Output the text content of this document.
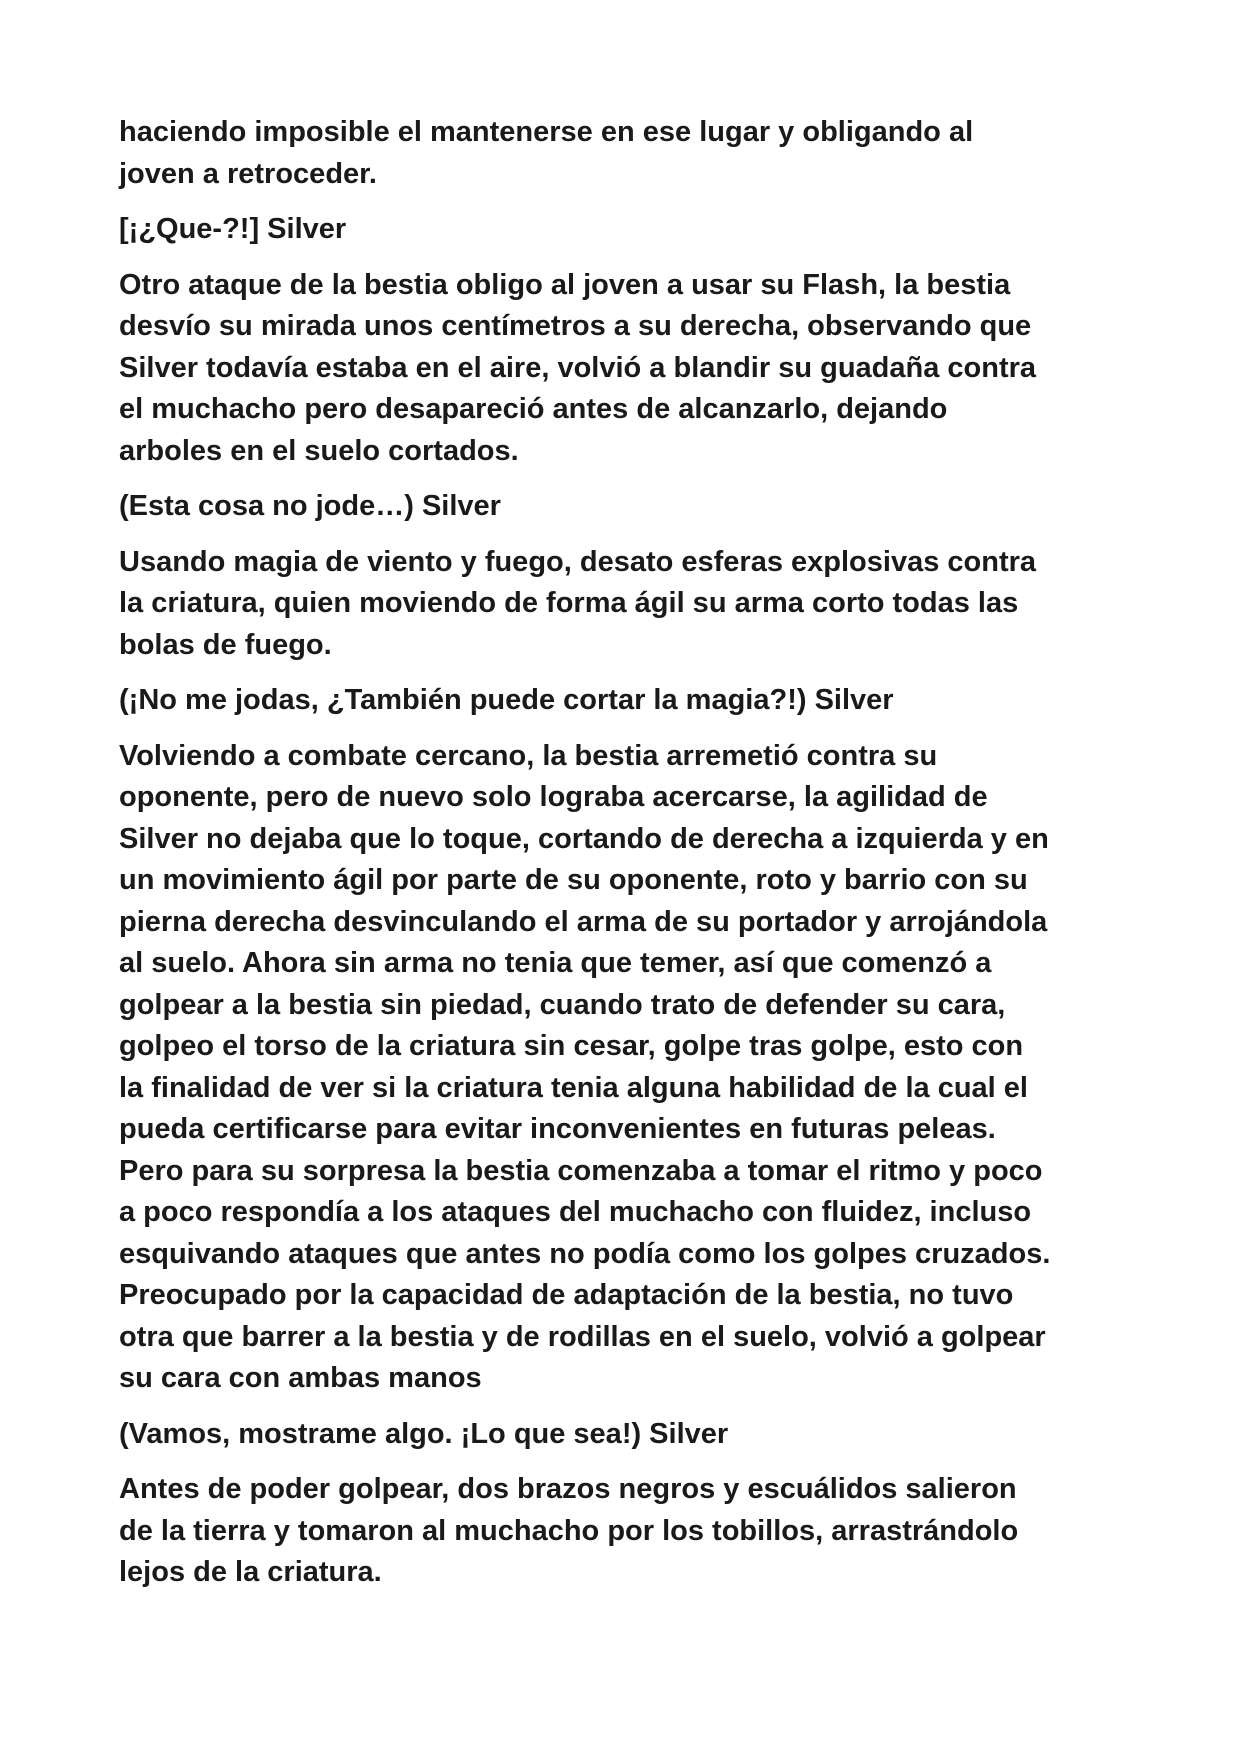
haciendo imposible el mantenerse en ese lugar y obligando al
joven a retroceder.

[¡¿Que-?!] Silver

Otro ataque de la bestia obligo al joven a usar su Flash, la bestia
desvío su mirada unos centímetros a su derecha, observando que
Silver todavía estaba en el aire, volvió a blandir su guadaña contra
el muchacho pero desapareció antes de alcanzarlo, dejando
arboles en el suelo cortados.

(Esta cosa no jode…) Silver

Usando magia de viento y fuego, desato esferas explosivas contra
la criatura, quien moviendo de forma ágil su arma corto todas las
bolas de fuego.

(¡No me jodas, ¿También puede cortar la magia?!) Silver

Volviendo a combate cercano, la bestia arremetió contra su
oponente, pero de nuevo solo lograba acercarse, la agilidad de
Silver no dejaba que lo toque, cortando de derecha a izquierda y en
un movimiento ágil por parte de su oponente, roto y barrio con su
pierna derecha desvinculando el arma de su portador y arrojándola
al suelo. Ahora sin arma no tenia que temer, así que comenzó a
golpear a la bestia sin piedad, cuando trato de defender su cara,
golpeo el torso de la criatura sin cesar, golpe tras golpe, esto con
la finalidad de ver si la criatura tenia alguna habilidad de la cual el
pueda certificarse para evitar inconvenientes en futuras peleas.
Pero para su sorpresa la bestia comenzaba a tomar el ritmo y poco
a poco respondía a los ataques del muchacho con fluidez, incluso
esquivando ataques que antes no podía como los golpes cruzados.
Preocupado por la capacidad de adaptación de la bestia, no tuvo
otra que barrer a la bestia y de rodillas en el suelo, volvió a golpear
su cara con ambas manos

(Vamos, mostrame algo. ¡Lo que sea!) Silver

Antes de poder golpear, dos brazos negros y escuálidos salieron
de la tierra y tomaron al muchacho por los tobillos, arrastrándolo
lejos de la criatura.
